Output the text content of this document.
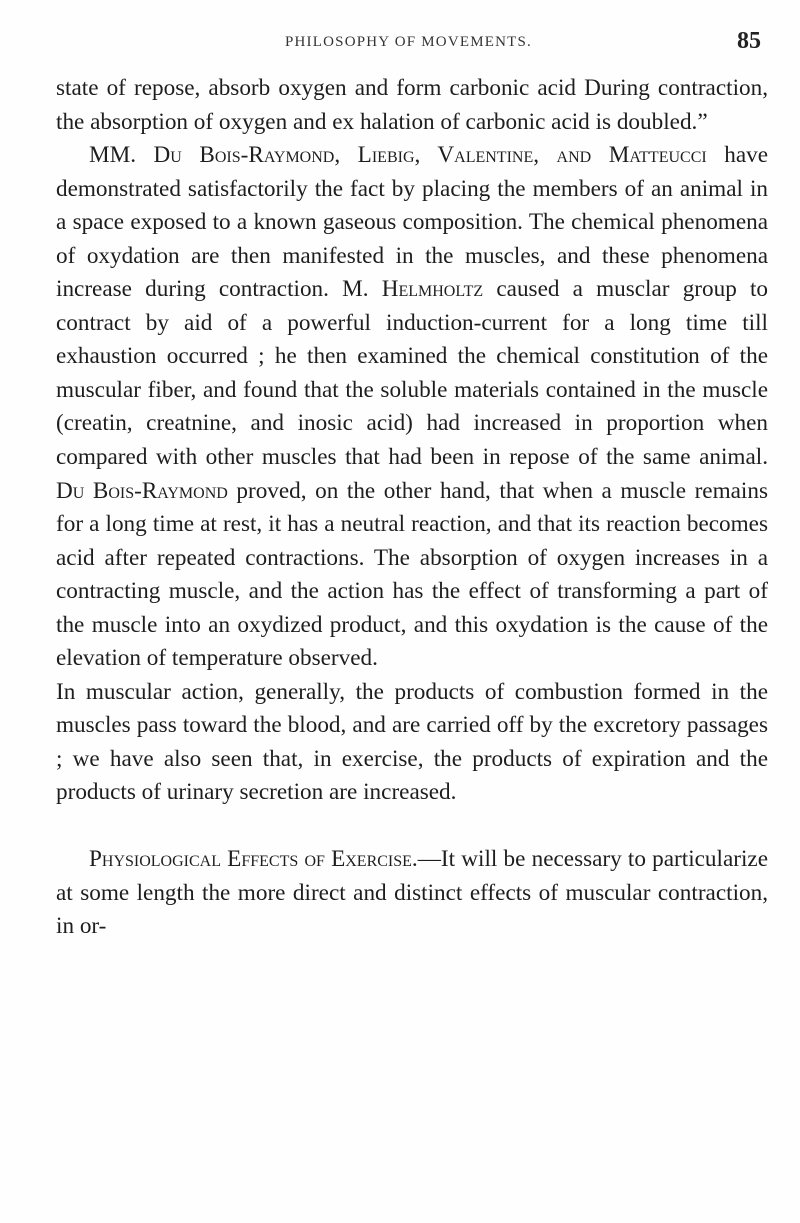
PHILOSOPHY OF MOVEMENTS.	85

state of repose, absorb oxygen and form carbonic acid During contraction, the absorption of oxygen and ex halation of carbonic acid is doubled.”

MM. Du Bois-Raymond, Liebig, Valentine, and Matteucci have demonstrated satisfactorily the fact by placing the members of an animal in a space exposed to a known gaseous composition. The chemical phenomena of oxydation are then manifested in the muscles, and these phenomena increase during contraction. M. Helmholtz caused a musclar group to contract by aid of a powerful induction-current for a long time till exhaustion occurred ; he then examined the chemical constitution of the muscular fiber, and found that the soluble materials contained in the muscle (creatin, creatnine, and inosic acid) had increased in proportion when compared with other muscles that had been in repose of the same animal. Du Bois-Raymond proved, on the other hand, that when a muscle remains for a long time at rest, it has a neutral reaction, and that its reaction becomes acid after repeated contractions. The absorption of oxygen increases in a contracting muscle, and the action has the effect of transforming a part of the muscle into an oxydized product, and this oxydation is the cause of the elevation of temperature observed.

In muscular action, generally, the products of combustion formed in the muscles pass toward the blood, and are carried off by the excretory passages ; we have also seen that, in exercise, the products of expiration and the products of urinary secretion are increased.

Physiological Effects of Exercise.—It will be necessary to particularize at some length the more direct and distinct effects of muscular contraction, in or-
